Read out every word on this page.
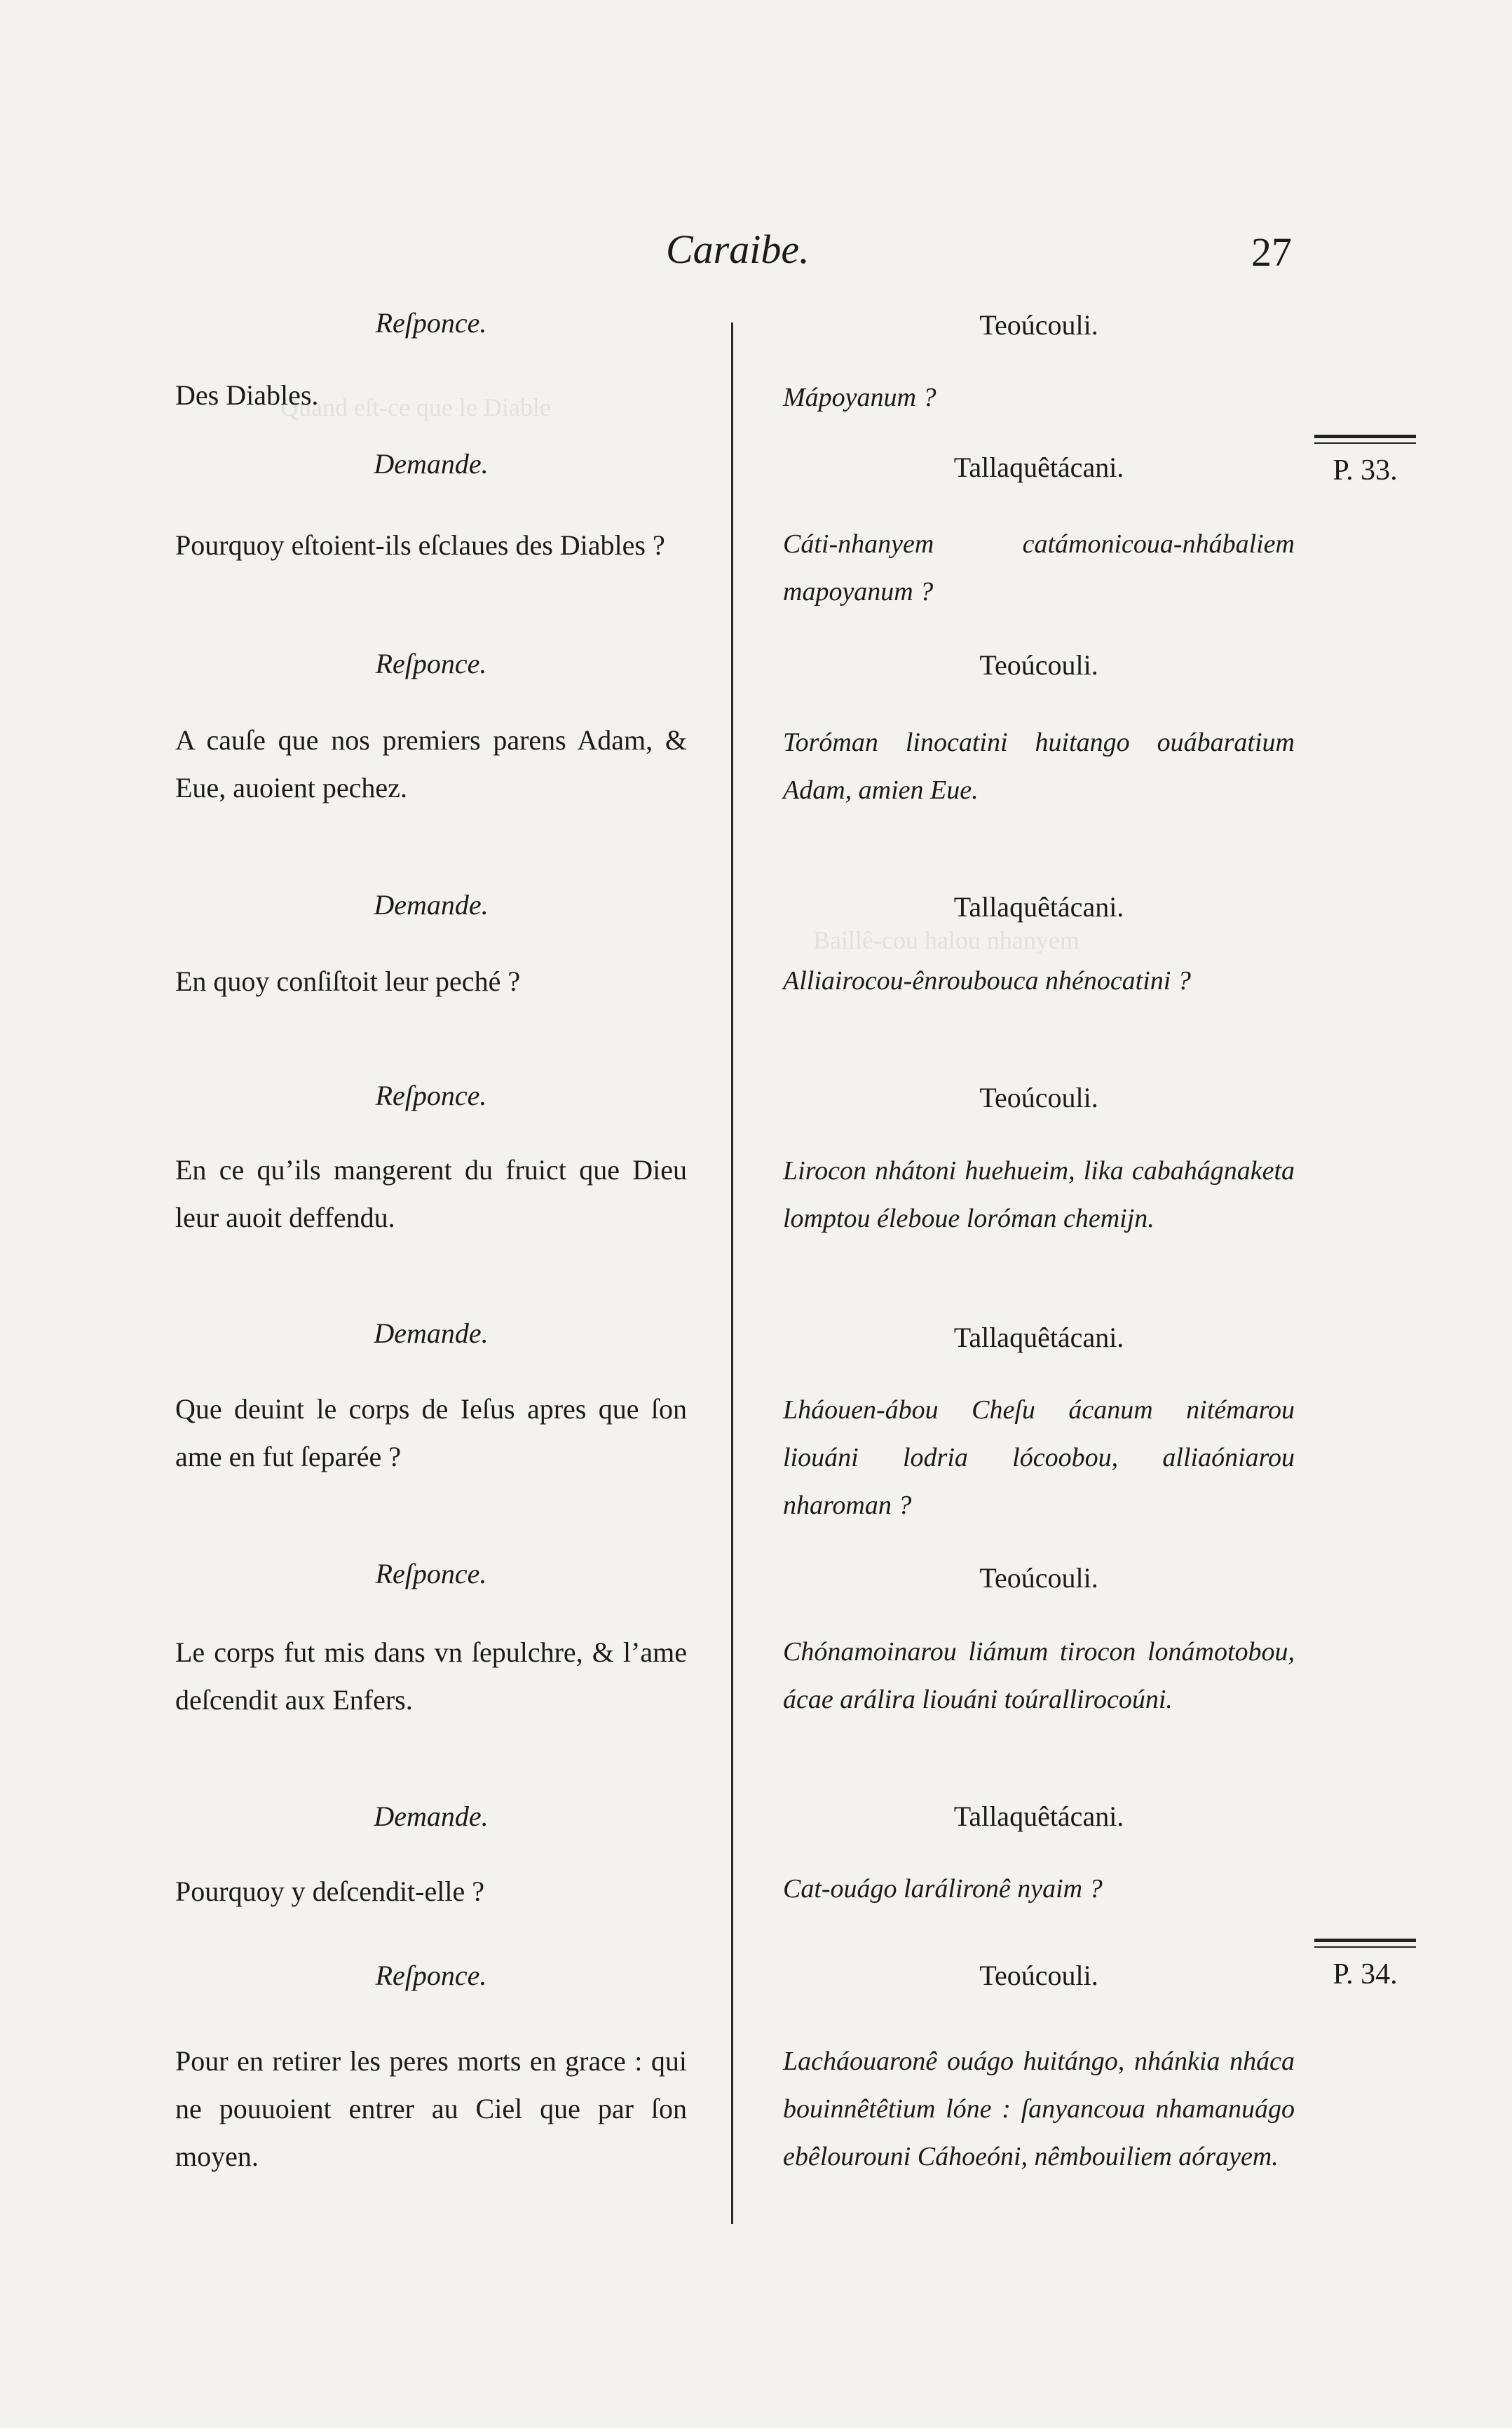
Quand eſt-ce que le Diable
Baillê-cou halou nhanyem
Caraibe.	27
Reſponce.
Des Diables.
Demande.
Pourquoy eſtoient-ils eſclaues des Diables ?
Reſponce.
A cauſe que nos premiers parens Adam, & Eue, auoient pechez.
Demande.
En quoy conſiſtoit leur peché ?
Reſponce.
En ce qu’ils mangerent du fruict que Dieu leur auoit deffendu.
Demande.
Que deuint le corps de Ieſus apres que ſon ame en fut ſeparée ?
Reſponce.
Le corps fut mis dans vn ſepulchre, & l’ame deſcendit aux Enfers.
Demande.
Pourquoy y deſcendit-elle ?
Reſponce.
Pour en retirer les peres morts en grace : qui ne pouuoient entrer au Ciel que par ſon moyen.
Teoúcouli.
Mápoyanum ?
Tallaquêtácani.
Cáti-nhanyem catámonicoua-nhábaliem mapoyanum ?
Teoúcouli.
Toróman linocatini huitango ouábaratium Adam, amien Eue.
Tallaquêtácani.
Alliairocou-ênroubouca nhénocatini ?
Teoúcouli.
Lirocon nhátoni huehueim, lika cabahágnaketa lomptou éleboue loróman chemijn.
Tallaquêtácani.
Lháouen-ábou Cheſu ácanum nitémarou liouáni lodria lócoobou, alliaóniarou nharoman ?
Teoúcouli.
Chónamoinarou liámum tirocon lonámotobou, ácae arálira liouáni toúrallirocoúni.
Tallaquêtácani.
Cat-ouágo larálironê nyaim ?
Teoúcouli.
Lacháouaronê ouágo huitángo, nhánkia nháca bouinnêtêtium lóne : ſanyancoua nhamanuágo ebêlourouni Cáhoeóni, nêmbouiliem aórayem.
P. 33.
P. 34.
